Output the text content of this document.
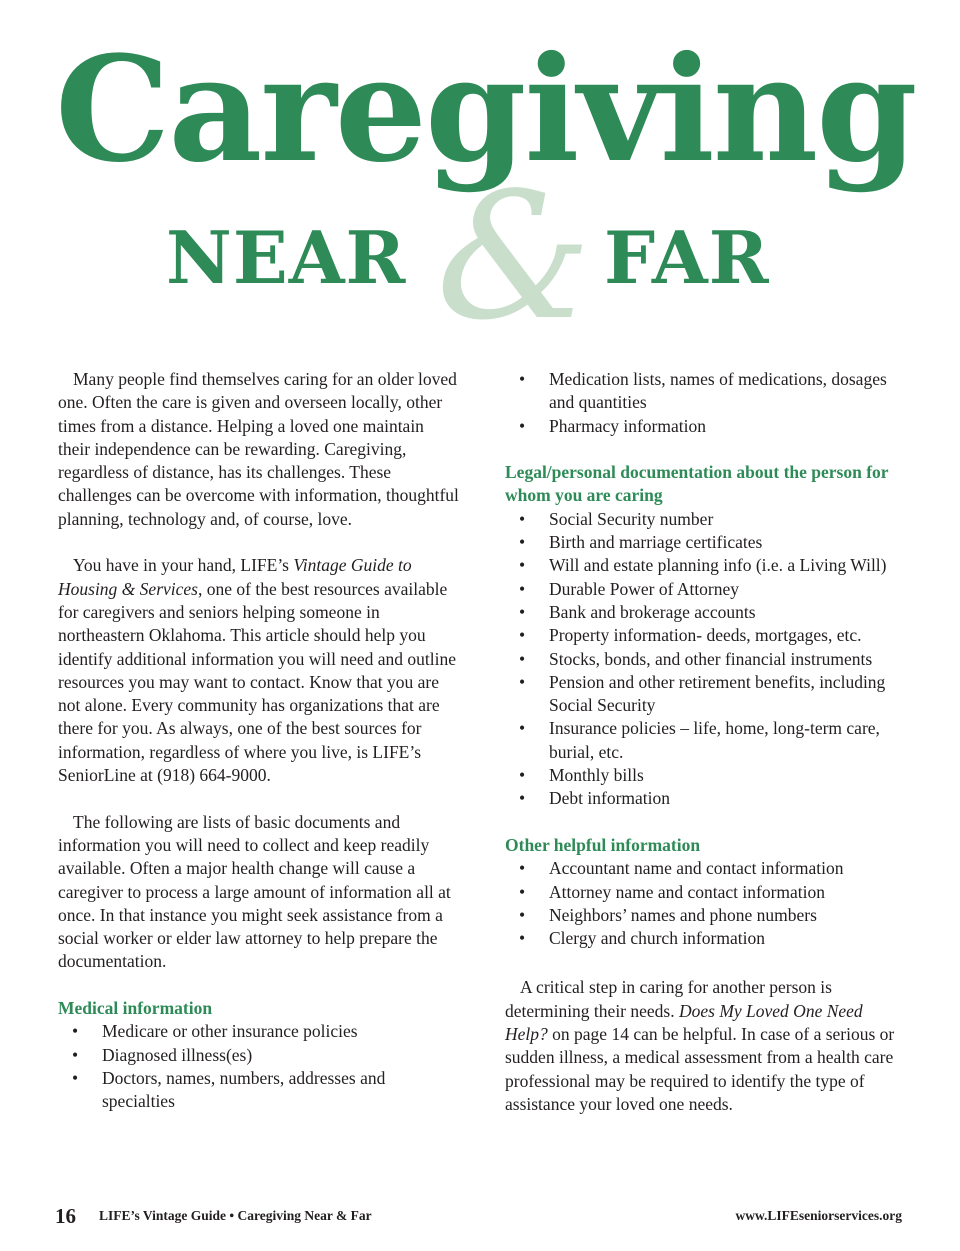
Caregiving
NEAR & FAR

Many people find themselves caring for an older loved one. Often the care is given and overseen locally, other times from a distance. Helping a loved one maintain their independence can be rewarding. Caregiving, regardless of distance, has its challenges. These challenges can be overcome with information, thoughtful planning, technology and, of course, love.

You have in your hand, LIFE’s Vintage Guide to Housing & Services, one of the best resources available for caregivers and seniors helping someone in northeastern Oklahoma. This article should help you identify additional information you will need and outline resources you may want to contact. Know that you are not alone. Every community has organizations that are there for you. As always, one of the best sources for information, regardless of where you live, is LIFE’s SeniorLine at (918) 664-9000.

The following are lists of basic documents and information you will need to collect and keep readily available. Often a major health change will cause a caregiver to process a large amount of information all at once. In that instance you might seek assistance from a social worker or elder law attorney to help prepare the documentation.

Medical information
• Medicare or other insurance policies
• Diagnosed illness(es)
• Doctors, names, numbers, addresses and specialties
• Medication lists, names of medications, dosages and quantities
• Pharmacy information
Legal/personal documentation about the person for whom you are caring
• Social Security number
• Birth and marriage certificates
• Will and estate planning info (i.e. a Living Will)
• Durable Power of Attorney
• Bank and brokerage accounts
• Property information- deeds, mortgages, etc.
• Stocks, bonds, and other financial instruments
• Pension and other retirement benefits, including Social Security
• Insurance policies – life, home, long-term care, burial, etc.
• Monthly bills
• Debt information
Other helpful information
• Accountant name and contact information
• Attorney name and contact information
• Neighbors’ names and phone numbers
• Clergy and church information

A critical step in caring for another person is determining their needs. Does My Loved One Need Help? on page 14 can be helpful. In case of a serious or sudden illness, a medical assessment from a health care professional may be required to identify the type of assistance your loved one needs.

16 LIFE’s Vintage Guide • Caregiving Near & Far	www.LIFEseniorservices.org
